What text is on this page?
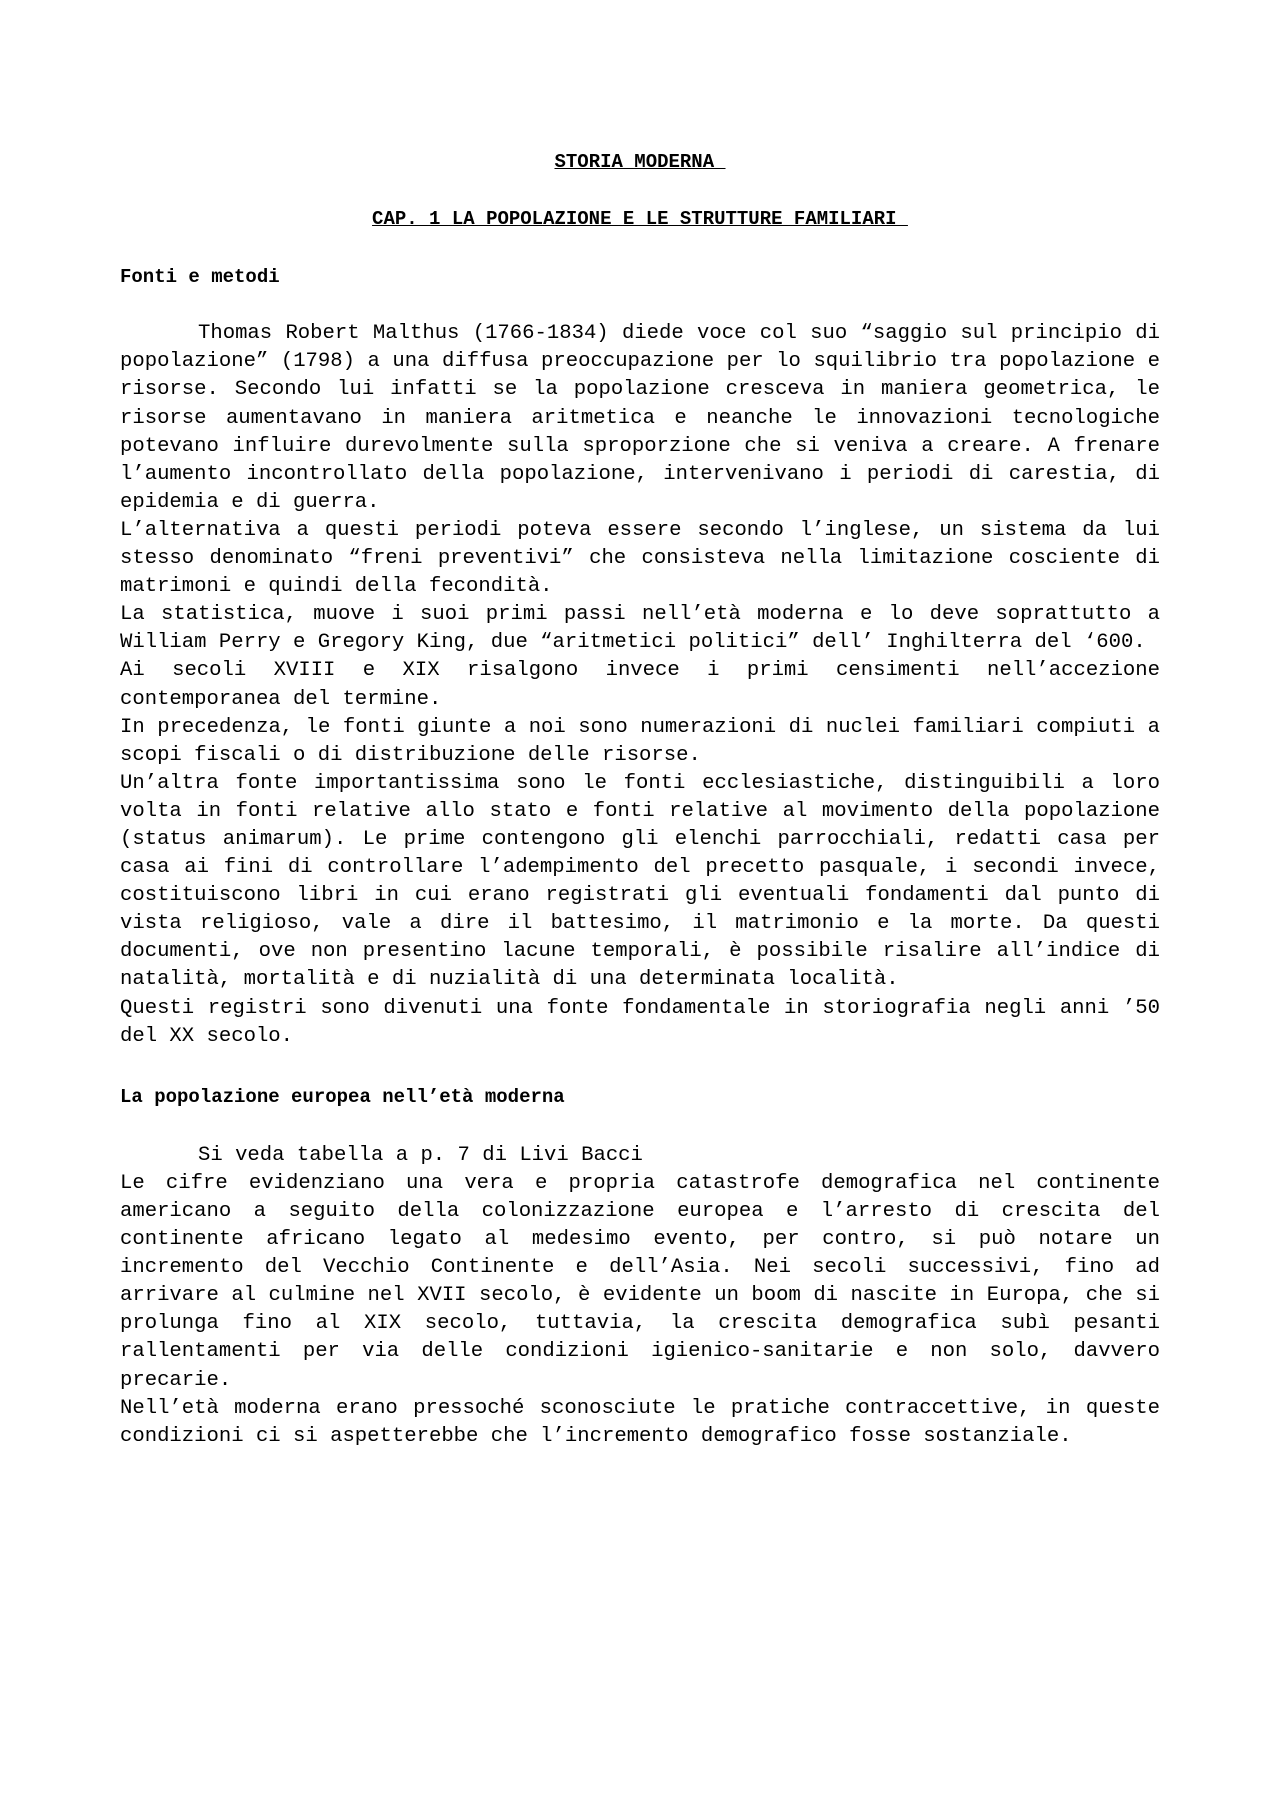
STORIA MODERNA
CAP. 1 LA POPOLAZIONE E LE STRUTTURE FAMILIARI
Fonti e metodi

Thomas Robert Malthus (1766-1834) diede voce col suo “saggio sul principio di popolazione” (1798) a una diffusa preoccupazione per lo squilibrio tra popolazione e risorse. Secondo lui infatti se la popolazione cresceva in maniera geometrica, le risorse aumentavano in maniera aritmetica e neanche le innovazioni tecnologiche potevano influire durevolmente sulla sproporzione che si veniva a creare. A frenare l’aumento incontrollato della popolazione, intervenivano i periodi di carestia, di epidemia e di guerra.

L’alternativa a questi periodi poteva essere secondo l’inglese, un sistema da lui stesso denominato “freni preventivi” che consisteva nella limitazione cosciente di matrimoni e quindi della fecondità.

La statistica, muove i suoi primi passi nell’età moderna e lo deve soprattutto a William Perry e Gregory King, due “aritmetici politici” dell’ Inghilterra del ‘600.

Ai secoli XVIII e XIX risalgono invece i primi censimenti nell’accezione contemporanea del termine.

In precedenza, le fonti giunte a noi sono numerazioni di nuclei familiari compiuti a scopi fiscali o di distribuzione delle risorse.

Un’altra fonte importantissima sono le fonti ecclesiastiche, distinguibili a loro volta in fonti relative allo stato e fonti relative al movimento della popolazione (status animarum). Le prime contengono gli elenchi parrocchiali, redatti casa per casa ai fini di controllare l’adempimento del precetto pasquale, i secondi invece, costituiscono libri in cui erano registrati gli eventuali fondamenti dal punto di vista religioso, vale a dire il battesimo, il matrimonio e la morte. Da questi documenti, ove non presentino lacune temporali, è possibile risalire all’indice di natalità, mortalità e di nuzialità di una determinata località.

Questi registri sono divenuti una fonte fondamentale in storiografia negli anni ’50 del XX secolo.

La popolazione europea nell’età moderna

Si veda tabella a p. 7 di Livi Bacci

Le cifre evidenziano una vera e propria catastrofe demografica nel continente americano a seguito della colonizzazione europea e l’arresto di crescita del continente africano legato al medesimo evento, per contro, si può notare un incremento del Vecchio Continente e dell’Asia. Nei secoli successivi, fino ad arrivare al culmine nel XVII secolo, è evidente un boom di nascite in Europa, che si prolunga fino al XIX secolo, tuttavia, la crescita demografica subì pesanti rallentamenti per via delle condizioni igienico-sanitarie e non solo, davvero precarie.

Nell’età moderna erano pressoché sconosciute le pratiche contraccettive, in queste condizioni ci si aspetterebbe che l’incremento demografico fosse sostanziale.
